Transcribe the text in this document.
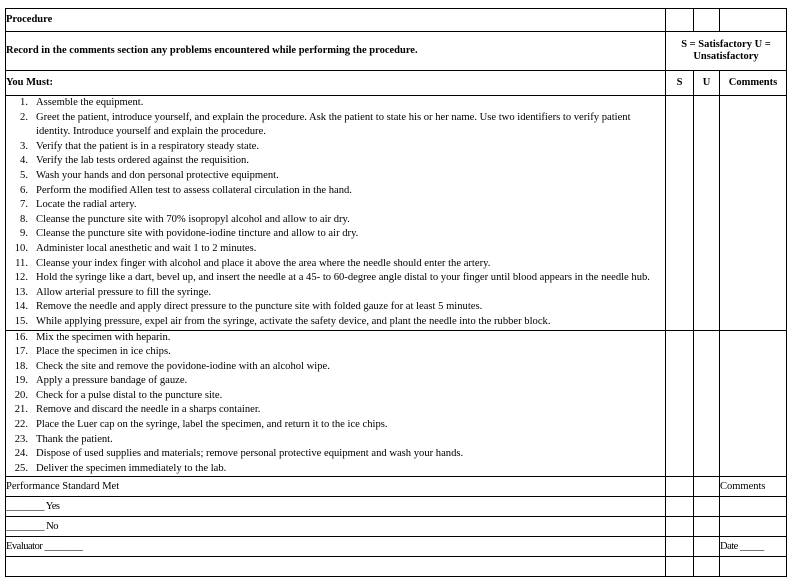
Procedure			
Record in the comments section any problems encountered while performing the procedure.	S = Satisfactory U = Unsatisfactory		
You Must:	S	U	Comments

1. Assemble the equipment.
2. Greet the patient, introduce yourself, and explain the procedure. Ask the patient to state his or her name. Use two identifiers to verify patient identity. Introduce yourself and explain the procedure.
3. Verify that the patient is in a respiratory steady state.
4. Verify the lab tests ordered against the requisition.
5. Wash your hands and don personal protective equipment.
6. Perform the modified Allen test to assess collateral circulation in the hand.
7. Locate the radial artery.
8. Cleanse the puncture site with 70% isopropyl alcohol and allow to air dry.
9. Cleanse the puncture site with povidone-iodine tincture and allow to air dry.
10. Administer local anesthetic and wait 1 to 2 minutes.
11. Cleanse your index finger with alcohol and place it above the area where the needle should enter the artery.
12. Hold the syringe like a dart, bevel up, and insert the needle at a 45- to 60-degree angle distal to your finger until blood appears in the needle hub.
13. Allow arterial pressure to fill the syringe.
14. Remove the needle and apply direct pressure to the puncture site with folded gauze for at least 5 minutes.
15. While applying pressure, expel air from the syringe, activate the safety device, and plant the needle into the rubber block.

16. Mix the specimen with heparin.
17. Place the specimen in ice chips.
18. Check the site and remove the povidone-iodine with an alcohol wipe.
19. Apply a pressure bandage of gauze.
20. Check for a pulse distal to the puncture site.
21. Remove and discard the needle in a sharps container.
22. Place the Luer cap on the syringe, label the specimen, and return it to the ice chips.
23. Thank the patient.
24. Dispose of used supplies and materials; remove personal protective equipment and wash your hands.
25. Deliver the specimen immediately to the lab.

Performance Standard Met			Comments
________ Yes			
________ No			
Evaluator ________			Date _____
